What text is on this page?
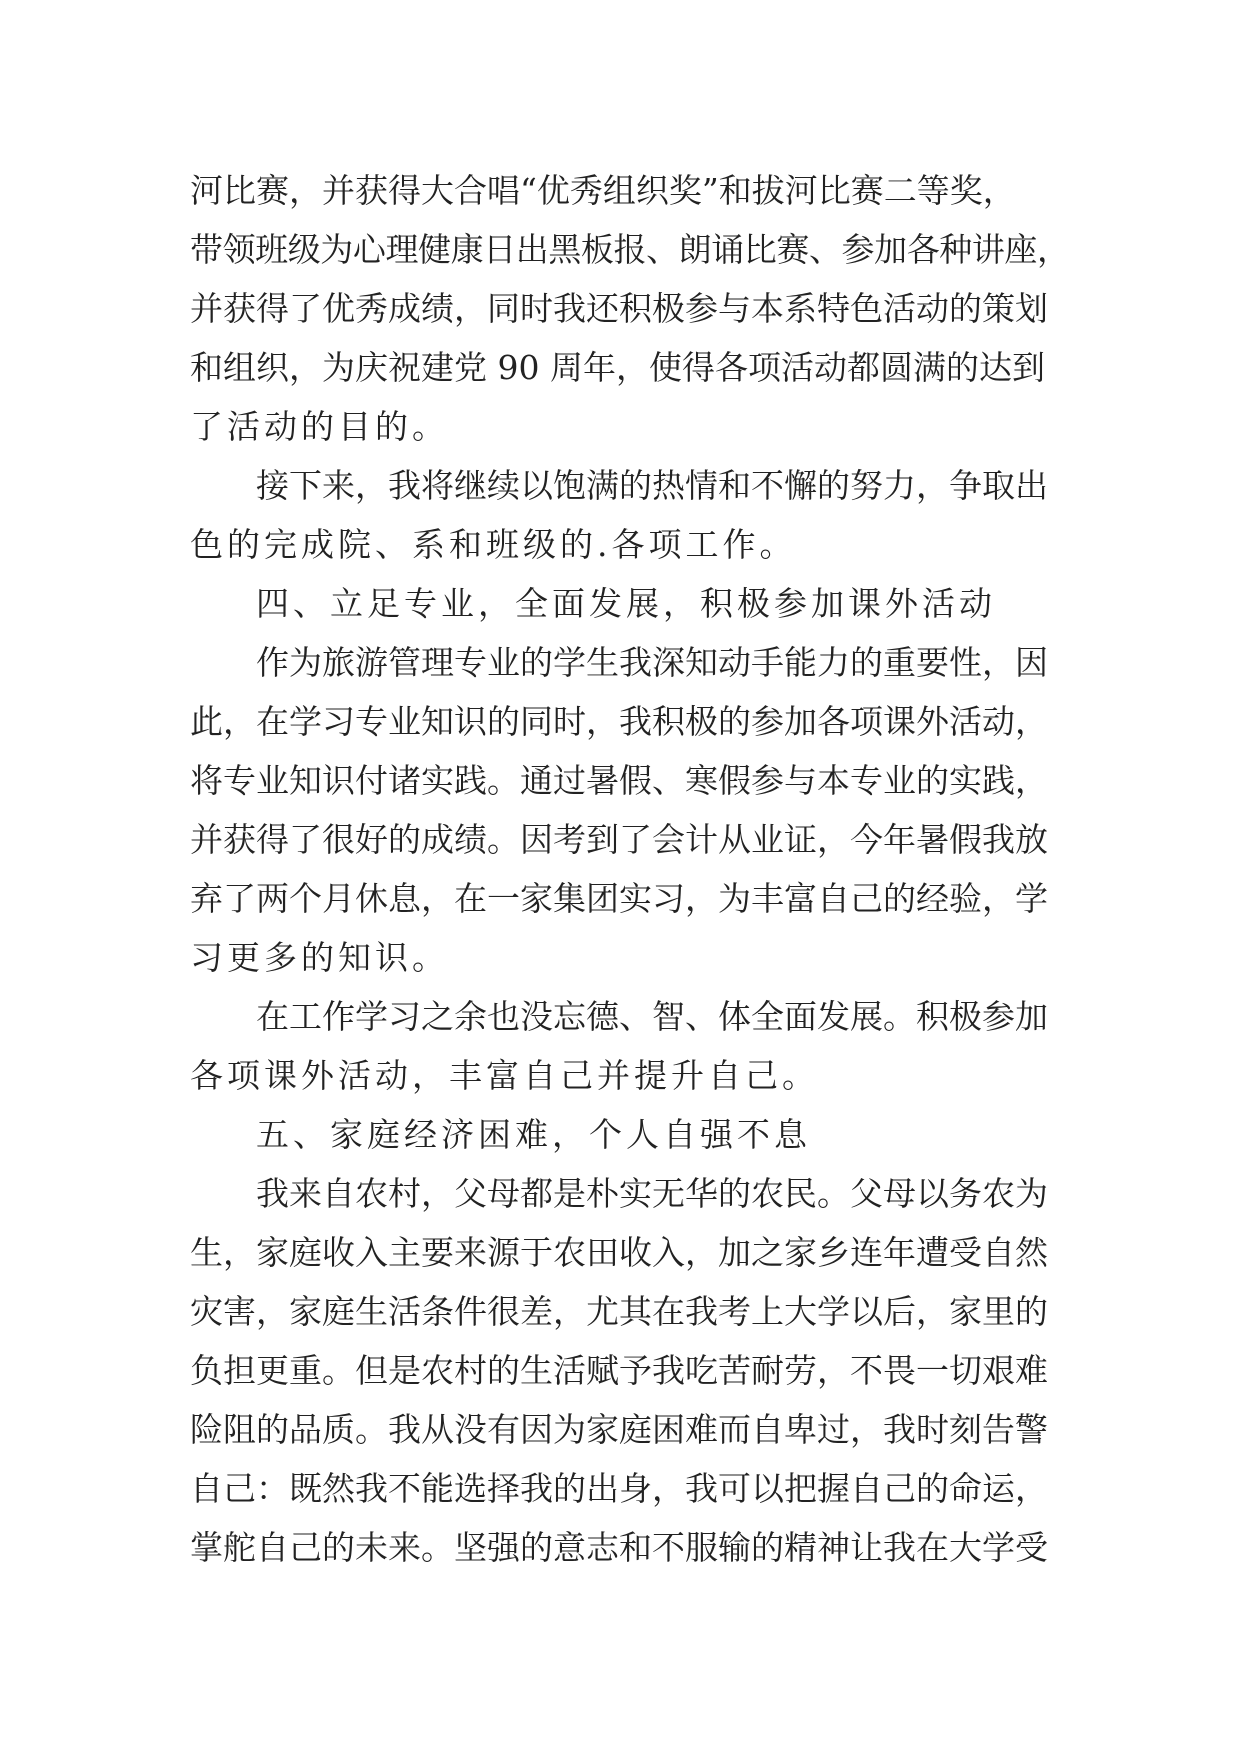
河比赛，并获得大合唱“优秀组织奖”和拔河比赛二等奖，
带领班级为心理健康日出黑板报、朗诵比赛、参加各种讲座，
并获得了优秀成绩，同时我还积极参与本系特色活动的策划
和组织，为庆祝建党 90 周年，使得各项活动都圆满的达到
了活动的目的。
接下来，我将继续以饱满的热情和不懈的努力，争取出
色的完成院、系和班级的.各项工作。
四、立足专业，全面发展，积极参加课外活动
作为旅游管理专业的学生我深知动手能力的重要性，因
此，在学习专业知识的同时，我积极的参加各项课外活动，
将专业知识付诸实践。通过暑假、寒假参与本专业的实践，
并获得了很好的成绩。因考到了会计从业证，今年暑假我放
弃了两个月休息，在一家集团实习，为丰富自己的经验，学
习更多的知识。
在工作学习之余也没忘德、智、体全面发展。积极参加
各项课外活动，丰富自己并提升自己。
五、家庭经济困难，个人自强不息
我来自农村，父母都是朴实无华的农民。父母以务农为
生，家庭收入主要来源于农田收入，加之家乡连年遭受自然
灾害，家庭生活条件很差，尤其在我考上大学以后，家里的
负担更重。但是农村的生活赋予我吃苦耐劳，不畏一切艰难
险阻的品质。我从没有因为家庭困难而自卑过，我时刻告警
自己：既然我不能选择我的出身，我可以把握自己的命运，
掌舵自己的未来。坚强的意志和不服输的精神让我在大学受
